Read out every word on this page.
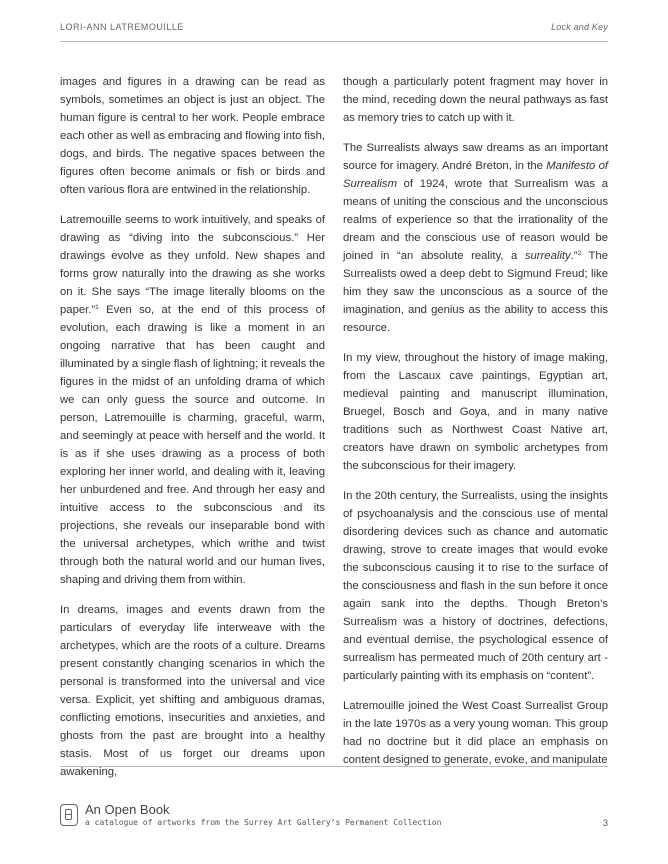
LORI-ANN LATREMOUILLE	Lock and Key

images and figures in a drawing can be read as symbols, sometimes an object is just an object. The human figure is central to her work. People embrace each other as well as embracing and flowing into fish, dogs, and birds. The negative spaces between the figures often become animals or fish or birds and often various flora are entwined in the relationship.

Latremouille seems to work intuitively, and speaks of drawing as “diving into the subconscious.” Her drawings evolve as they unfold. New shapes and forms grow naturally into the drawing as she works on it. She says “The image literally blooms on the paper.”$^1$ Even so, at the end of this process of evolution, each drawing is like a moment in an ongoing narrative that has been caught and illuminated by a single flash of lightning; it reveals the figures in the midst of an unfolding drama of which we can only guess the source and outcome. In person, Latremouille is charming, graceful, warm, and seemingly at peace with herself and the world. It is as if she uses drawing as a process of both exploring her inner world, and dealing with it, leaving her unburdened and free. And through her easy and intuitive access to the subconscious and its projections, she reveals our inseparable bond with the universal archetypes, which writhe and twist through both the natural world and our human lives, shaping and driving them from within.

In dreams, images and events drawn from the particulars of everyday life interweave with the archetypes, which are the roots of a culture. Dreams present constantly changing scenarios in which the personal is transformed into the universal and vice versa. Explicit, yet shifting and ambiguous dramas, conflicting emotions, insecurities and anxieties, and ghosts from the past are brought into a healthy stasis. Most of us forget our dreams upon awakening,

though a particularly potent fragment may hover in the mind, receding down the neural pathways as fast as memory tries to catch up with it.

The Surrealists always saw dreams as an important source for imagery. André Breton, in the Manifesto of Surrealism of 1924, wrote that Surrealism was a means of uniting the conscious and the unconscious realms of experience so that the irrationality of the dream and the conscious use of reason would be joined in “an absolute reality, a surreality.”$^2$ The Surrealists owed a deep debt to Sigmund Freud; like him they saw the unconscious as a source of the imagination, and genius as the ability to access this resource.

In my view, throughout the history of image making, from the Lascaux cave paintings, Egyptian art, medieval painting and manuscript illumination, Bruegel, Bosch and Goya, and in many native traditions such as Northwest Coast Native art, creators have drawn on symbolic archetypes from the subconscious for their imagery.

In the 20th century, the Surrealists, using the insights of psychoanalysis and the conscious use of mental disordering devices such as chance and automatic drawing, strove to create images that would evoke the subconscious causing it to rise to the surface of the consciousness and flash in the sun before it once again sank into the depths. Though Breton’s Surrealism was a history of doctrines, defections, and eventual demise, the psychological essence of surrealism has permeated much of 20th century art - particularly painting with its emphasis on “content”.

Latremouille joined the West Coast Surrealist Group in the late 1970s as a very young woman. This group had no doctrine but it did place an emphasis on content designed to generate, evoke, and manipulate

An Open Book
a catalogue of artworks from the Surrey Art Gallery’s Permanent Collection	3
